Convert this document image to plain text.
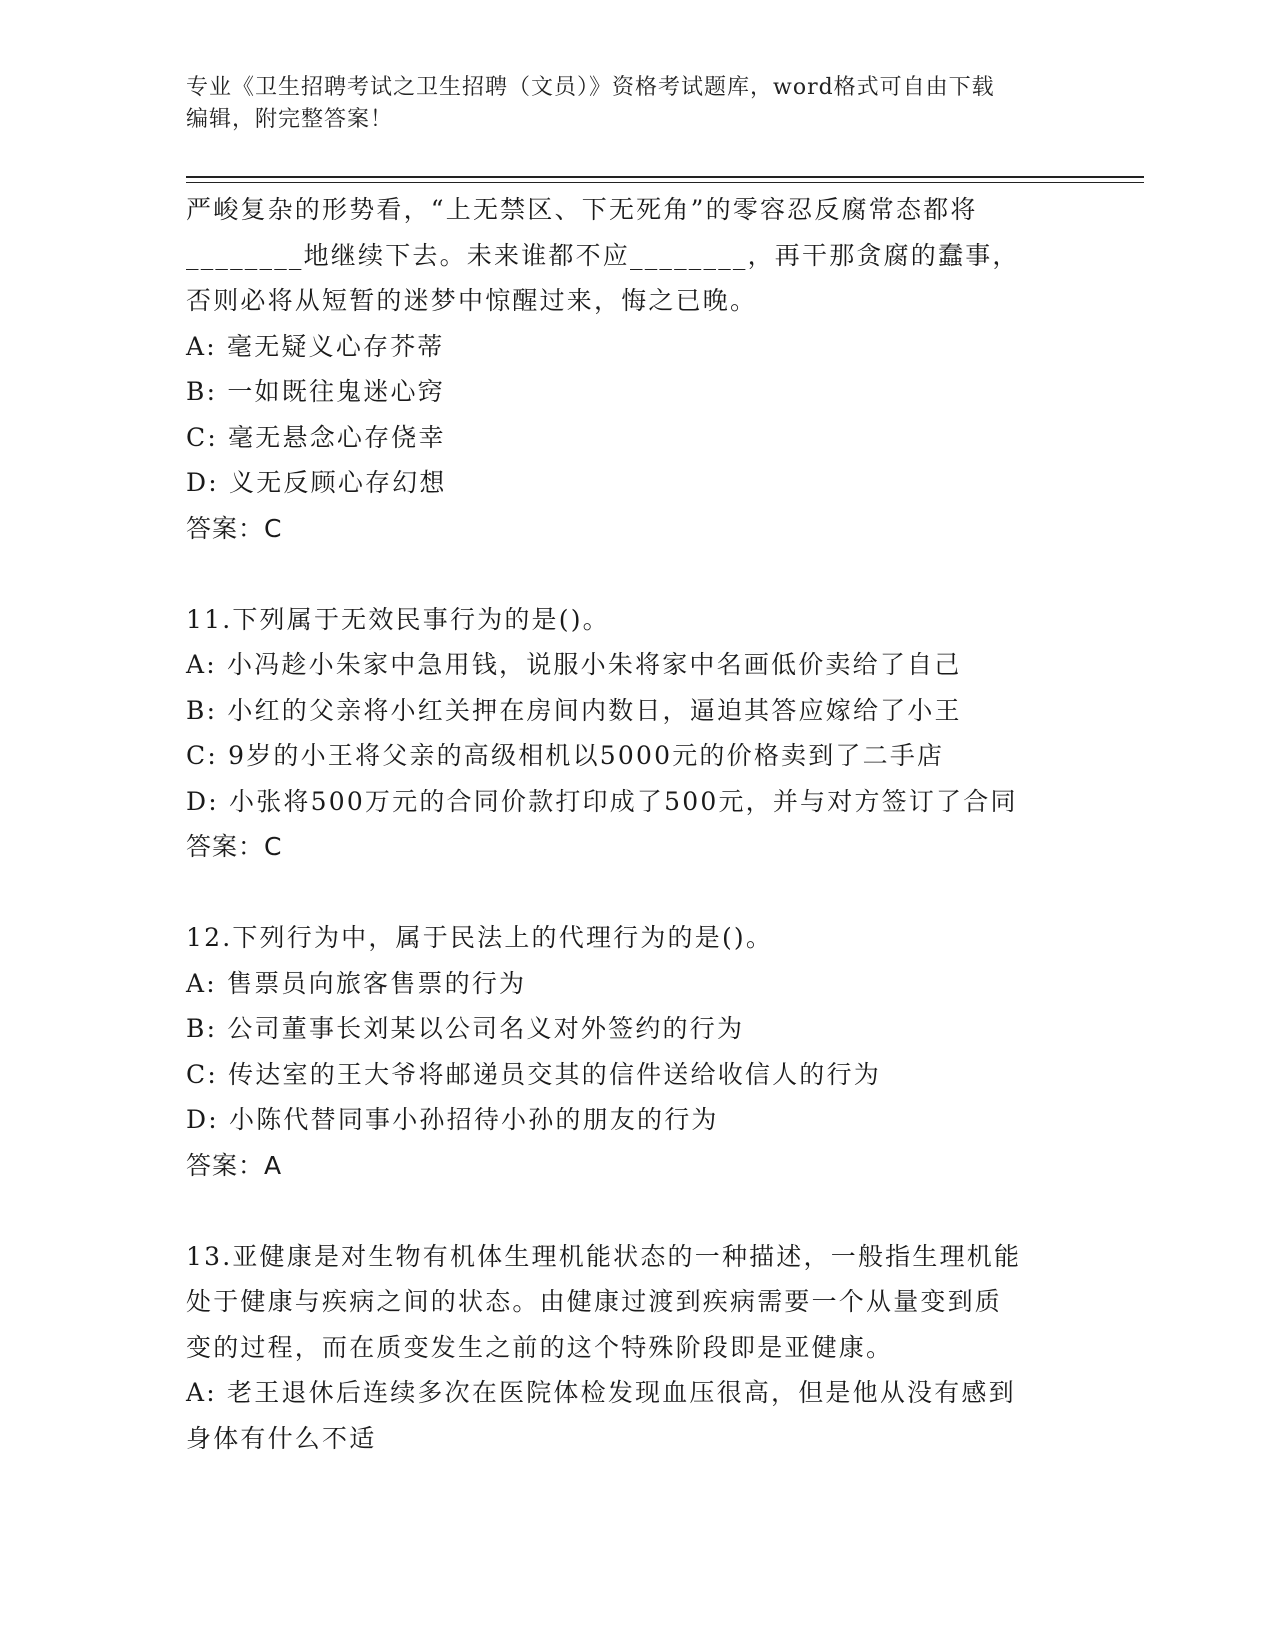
专业《卫生招聘考试之卫生招聘（文员）》资格考试题库，word格式可自由下载
编辑，附完整答案！
严峻复杂的形势看，“上无禁区、下无死角”的零容忍反腐常态都将
________地继续下去。未来谁都不应________，再干那贪腐的蠢事，
否则必将从短暂的迷梦中惊醒过来，悔之已晚。
A: 毫无疑义心存芥蒂
B: 一如既往鬼迷心窍
C: 毫无悬念心存侥幸
D: 义无反顾心存幻想
答案：C
11.下列属于无效民事行为的是()。
A: 小冯趁小朱家中急用钱，说服小朱将家中名画低价卖给了自己
B: 小红的父亲将小红关押在房间内数日，逼迫其答应嫁给了小王
C: 9岁的小王将父亲的高级相机以5000元的价格卖到了二手店
D: 小张将500万元的合同价款打印成了500元，并与对方签订了合同
答案：C
12.下列行为中，属于民法上的代理行为的是()。
A: 售票员向旅客售票的行为
B: 公司董事长刘某以公司名义对外签约的行为
C: 传达室的王大爷将邮递员交其的信件送给收信人的行为
D: 小陈代替同事小孙招待小孙的朋友的行为
答案：A
13.亚健康是对生物有机体生理机能状态的一种描述，一般指生理机能
处于健康与疾病之间的状态。由健康过渡到疾病需要一个从量变到质
变的过程，而在质变发生之前的这个特殊阶段即是亚健康。
A: 老王退休后连续多次在医院体检发现血压很高，但是他从没有感到
身体有什么不适
